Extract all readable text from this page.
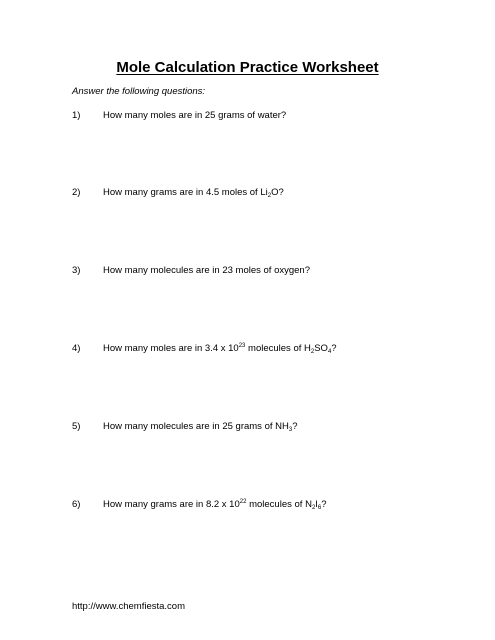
Mole Calculation Practice Worksheet
Answer the following questions:
1) How many moles are in 25 grams of water?
2) How many grams are in 4.5 moles of $Li_2O$?
3) How many molecules are in 23 moles of oxygen?
4) How many moles are in 3.4 x $10^{23}$ molecules of $H_2SO_4$?
5) How many molecules are in 25 grams of $NH_3$?
6) How many grams are in 8.2 x $10^{22}$ molecules of $N_2I_6$?
http://www.chemfiesta.com
